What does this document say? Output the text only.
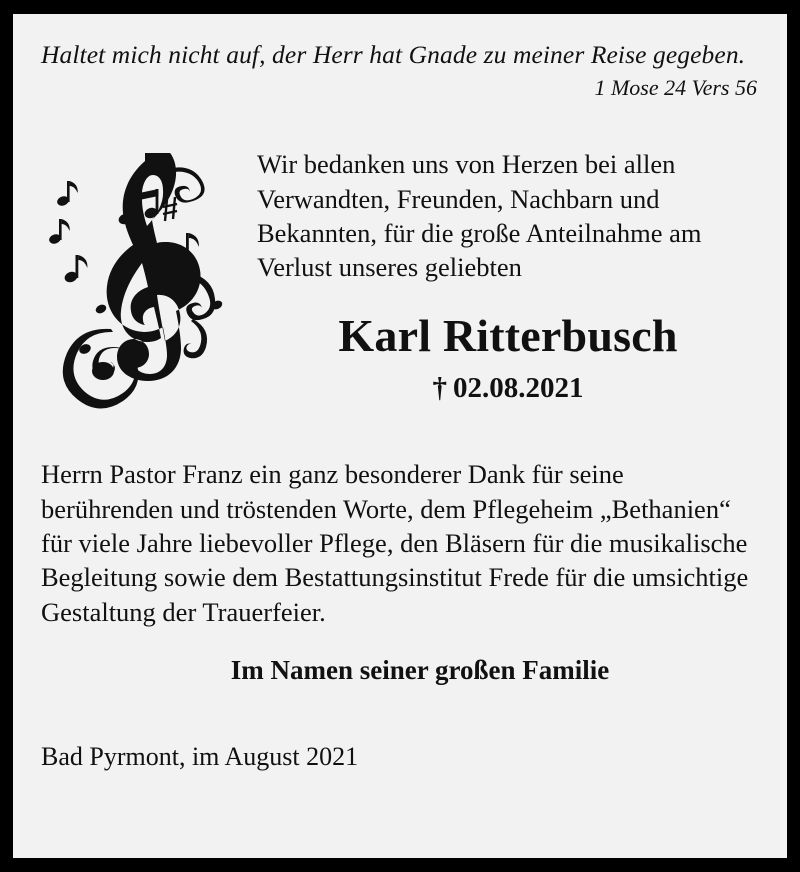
Haltet mich nicht auf, der Herr hat Gnade zu meiner Reise gegeben.
1 Mose 24 Vers 56
Wir bedanken uns von Herzen bei allen Verwandten, Freunden, Nachbarn und Bekannten, für die große Anteilnahme am Verlust unseres geliebten
Karl Ritterbusch
† 02.08.2021
Herrn Pastor Franz ein ganz besonderer Dank für seine berührenden und tröstenden Worte, dem Pflegeheim „Bethanien“ für viele Jahre liebevoller Pflege, den Bläsern für die musikalische Begleitung sowie dem Bestattungsinstitut Frede für die umsichtige Gestaltung der Trauerfeier.
Im Namen seiner großen Familie
Bad Pyrmont, im August 2021
